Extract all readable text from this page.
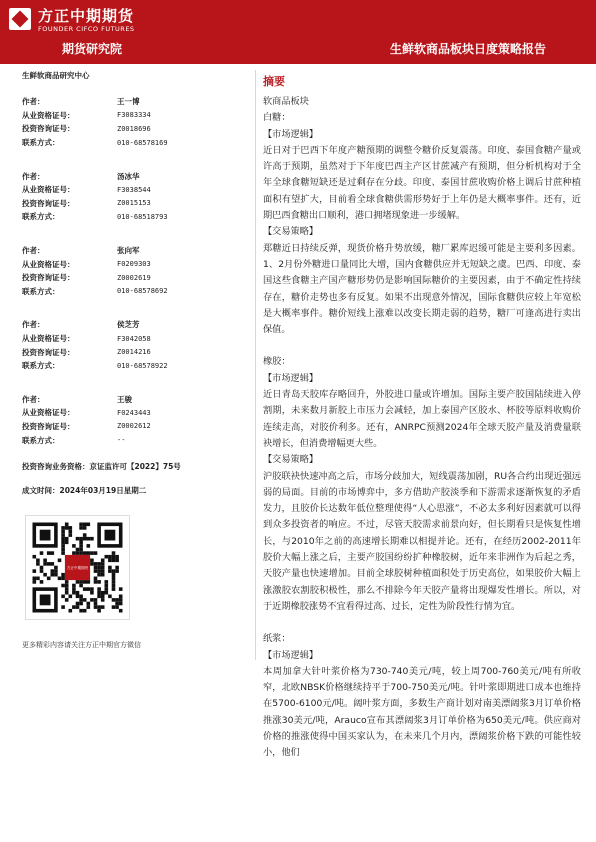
方正中期期货
FOUNDER CIFCO FUTURES
期货研究院	生鲜软商品板块日度策略报告
生鲜软商品研究中心
作者：	王一博
从业资格证号：	F3083334
投资咨询证号：	Z0018696
联系方式：	010-68578169
作者：	汤冰华
从业资格证号：	F3038544
投资咨询证号：	Z0015153
联系方式：	010-68518793
作者：	张向军
从业资格证号：	F0209303
投资咨询证号：	Z0002619
联系方式：	010-68578692
作者：	侯芝芳
从业资格证号：	F3042058
投资咨询证号：	Z0014216
联系方式：	010-68578922
作者：	王骏
从业资格证号：	F0243443
投资咨询证号：	Z0002612
联系方式：	--
投资咨询业务资格：京证监许可【2022】75号
成文时间：2024年03月19日星期二
方正中期期货
更多精彩内容请关注方正中期官方微信
摘要
软商品板块
白糖：
【市场逻辑】
近日对于巴西下年度产糖预期的调整令糖价反复震荡。印度、泰国食糖产量或许高于预期，虽然对于下年度巴西主产区甘蔗减产有预期，但分析机构对于全年全球食糖短缺还是过剩存在分歧。印度、泰国甘蔗收购价格上调后甘蔗种植面积有望扩大，目前看全球食糖供需形势好于上年仍是大概率事件。还有，近期巴西食糖出口顺利，港口拥堵现象进一步缓解。
【交易策略】
郑糖近日持续反弹，现货价格升势放缓，糖厂累库迟缓可能是主要利多因素。1、2月份外糖进口量同比大增，国内食糖供应并无短缺之虞。巴西、印度、泰国这些食糖主产国产糖形势仍是影响国际糖价的主要因素，由于不确定性持续存在，糖价走势也多有反复。如果不出现意外情况，国际食糖供应较上年宽松是大概率事件。糖价短线上涨难以改变长期走弱的趋势，糖厂可逢高进行卖出保值。
橡胶：
【市场逻辑】
近日青岛天胶库存略回升，外胶进口量或许增加。国际主要产胶国陆续进入停割期，未来数月新胶上市压力会减轻，加上泰国产区胶水、杯胶等原料收购价连续走高，对胶价利多。还有，ANRPC预测2024年全球天胶产量及消费量联袂增长，但消费增幅更大些。
【交易策略】
沪胶联袂快速冲高之后，市场分歧加大，短线震荡加剧，RU各合约出现近强远弱的局面。目前的市场博弈中，多方借助产胶淡季和下游需求逐渐恢复的矛盾发力，且胶价长达数年低位整理使得“人心思涨”，不必太多利好因素就可以得到众多投资者的响应。不过，尽管天胶需求前景向好，但长期看只是恢复性增长，与2010年之前的高速增长期难以相提并论。还有，在经历2002-2011年胶价大幅上涨之后，主要产胶国纷纷扩种橡胶树，近年来非洲作为后起之秀，天胶产量也快速增加。目前全球胶树种植面积处于历史高位，如果胶价大幅上涨激胶农割胶积极性，那么不排除今年天胶产量将出现爆发性增长。所以，对于近期橡胶涨势不宜看得过高、过长，定性为阶段性行情为宜。
纸浆：
【市场逻辑】
本周加拿大针叶浆价格为730-740美元/吨，较上周700-760美元/吨有所收窄，北欧NBSK价格继续持平于700-750美元/吨。针叶浆即期进口成本也维持在5700-6100元/吨。阔叶浆方面，多数生产商计划对南美漂阔浆3月订单价格推涨30美元/吨，Arauco宣布其漂阔浆3月订单价格为650美元/吨。供应商对价格的推涨使得中国买家认为，在未来几个月内，漂阔浆价格下跌的可能性较小，他们
